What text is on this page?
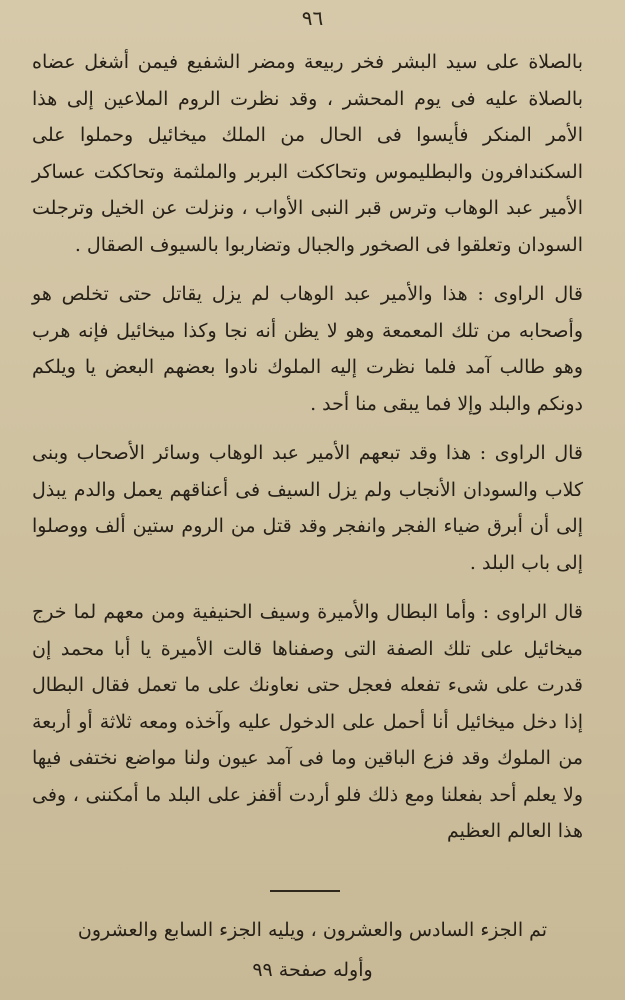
٩٦

بالصلاة على سيد البشر فخر ربيعة ومضر الشفيع فيمن أشغل عضاه بالصلاة عليه فى يوم المحشر ، وقد نظرت الروم الملاعين إلى هذا الأمر المنكر فأيسوا فى الحال من الملك ميخائيل وحملوا على السكندافرون والبطليموس وتحاككت البربر والملثمة وتحاككت عساكر الأمير عبد الوهاب وترس قبر النبى الأواب ، ونزلت عن الخيل وترجلت السودان وتعلقوا فى الصخور والجبال وتضاربوا بالسيوف الصقال .

قال الراوى : هذا والأمير عبد الوهاب لم يزل يقاتل حتى تخلص هو وأصحابه من تلك المعمعة وهو لا يظن أنه نجا وكذا ميخائيل فإنه هرب وهو طالب آمد فلما نظرت إليه الملوك نادوا بعضهم البعض يا ويلكم دونكم والبلد وإلا فما يبقى منا أحد .

قال الراوى : هذا وقد تبعهم الأمير عبد الوهاب وسائر الأصحاب وبنى كلاب والسودان الأنجاب ولم يزل السيف فى أعناقهم يعمل والدم يبذل إلى أن أبرق ضياء الفجر وانفجر وقد قتل من الروم ستين ألف ووصلوا إلى باب البلد .

قال الراوى : وأما البطال والأميرة وسيف الحنيفية ومن معهم لما خرج ميخائيل على تلك الصفة التى وصفناها قالت الأميرة يا أبا محمد إن قدرت على شىء تفعله فعجل حتى نعاونك على ما تعمل فقال البطال إذا دخل ميخائيل أنا أحمل على الدخول عليه وآخذه ومعه ثلاثة أو أربعة من الملوك وقد فزع الباقين وما فى آمد عيون ولنا مواضع نختفى فيها ولا يعلم أحد بفعلنا ومع ذلك فلو أردت أقفز على البلد ما أمكننى ، وفى هذا العالم العظيم

تم الجزء السادس والعشرون ، ويليه الجزء السابع والعشرون
وأوله صفحة ٩٩
